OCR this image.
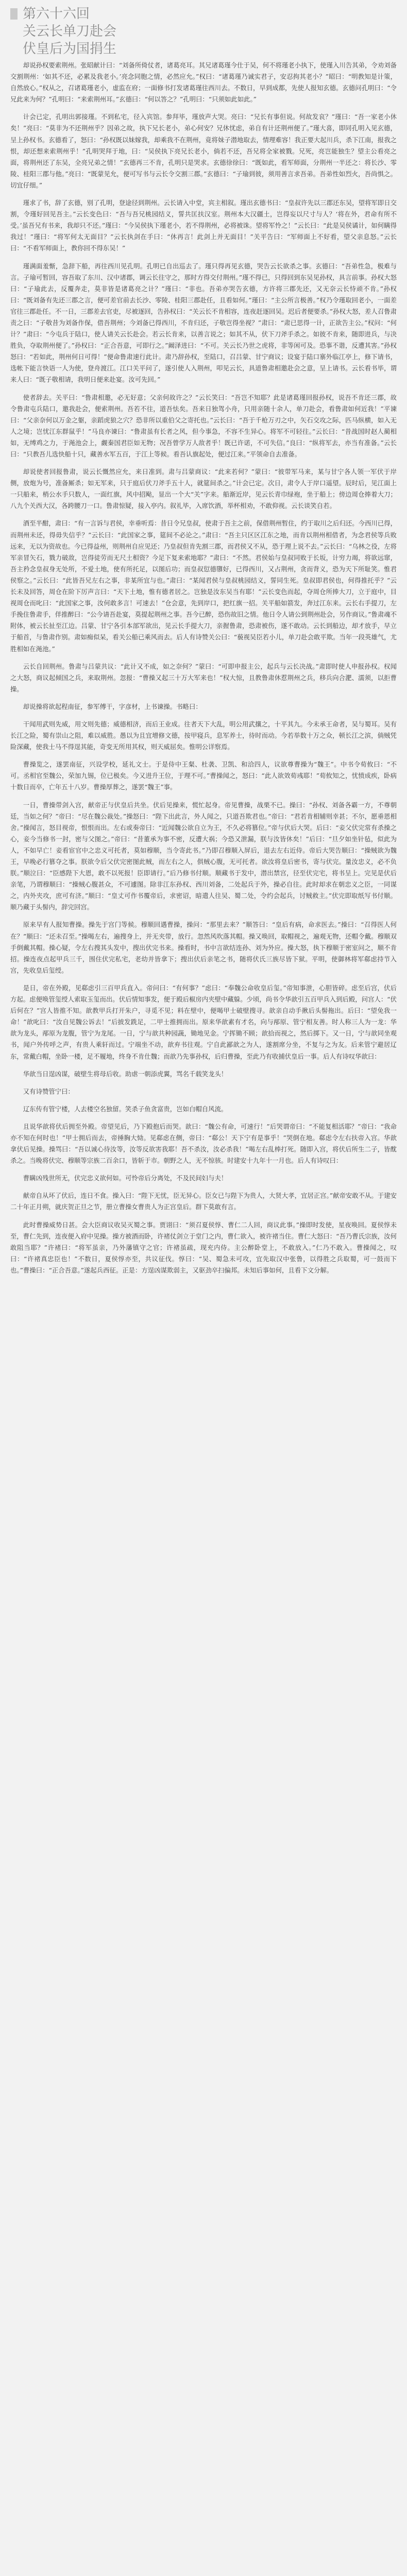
第六十六回
关云长单刀赴会
伏皇后为国捐生

却说孙权要索荆州。张昭献计曰：“刘备所倚仗者，诸葛亮耳。其兄诸葛瑾今仕于吴，何不将瑾老小执下，使瑾入川告其弟，令劝刘备交割荆州：‘如其不还，必累及我老小。’亮念同胞之情，必然应允。”权曰：“诸葛瑾乃诚实君子，安忍拘其老小？”昭曰：“明教知是计策，自然放心。”权从之，召诸葛瑾老小，虚监在府；一面修书打发诸葛瑾往西川去。不数日，早到成都，先使人报知玄德。玄德问孔明曰：“令兄此来为何？”孔明曰：“来索荆州耳。”玄德曰：“何以答之？”孔明曰：“只须如此如此。”

计会已定，孔明出郭接瑾。不到私宅，径入宾馆。参拜毕，瑾放声大哭。亮曰：“兄长有事但说。何故发哀？”瑾曰：“吾一家老小休矣！”亮曰：“莫非为不还荆州乎？因弟之故，执下兄长老小，弟心何安？兄休忧虑，弟自有计还荆州便了。”瑾大喜，即同孔明入见玄德，呈上孙权书。玄德看了，怒曰：“孙权既以妹嫁我，却乘我不在荆州，竟将妹子潜地取去，情理难容！我正要大起川兵，杀下江南，报我之恨，却还想来索荆州乎！”孔明哭拜于地，曰：“吴侯执下亮兄长老小，倘若不还，吾兄将全家被戮。兄死，亮岂能独生？望主公看亮之面，将荆州还了东吴，全亮兄弟之情！”玄德再三不肯，孔明只是哭求。玄德徐徐曰：“既如此，看军师面，分荆州一半还之：将长沙、零陵、桂阳三郡与他。”亮曰：“既蒙见允，便可写书与云长令交割三郡。”玄德曰：“子瑜到彼，须用善言求吾弟。吾弟性如烈火，吾尚惧之。切宜仔细。”

瑾求了书，辞了玄德，别了孔明，登途径到荆州。云长请入中堂，宾主相叙。瑾出玄德书曰：“皇叔许先以三郡还东吴，望将军即日交割，令瑾好回见吾主。”云长变色曰：“吾与吾兄桃园结义，誓共匡扶汉室。荆州本大汉疆土，岂得妄以尺寸与人？‘将在外，君命有所不受。’虽吾兄有书来，我却只不还。”瑾曰：“今吴侯执下瑾老小，若不得荆州，必将被诛。望将军怜之！”云长曰：“此是吴侯谲计，如何瞒得我过！”瑾曰：“将军何太无面目？”云长执剑在手曰：“休再言！此剑上并无面目！”关平告曰：“军师面上不好看，望父亲息怒。”云长曰：“不看军师面上，教你回不得东吴！”

瑾满面羞惭，急辞下船，再往西川见孔明。孔明已自出巡去了。瑾只得再见玄德，哭告云长欲杀之事。玄德曰：“吾弟性急，极难与言。子瑜可暂回，容吾取了东川、汉中诸郡，调云长往守之，那时方得交付荆州。”瑾不得已，只得回到东吴见孙权，具言前事。孙权大怒曰：“子瑜此去，反覆奔走，莫非皆是诸葛亮之计？”瑾曰：“非也。吾弟亦哭告玄德，方许将三郡先还，又无奈云长恃顽不肯。”孙权曰：“既刘备有先还三郡之言，便可差官前去长沙、零陵、桂阳三郡赴任，且看如何。”瑾曰：“主公所言极善。”权乃令瑾取回老小，一面差官往三郡赴任。不一日，三郡差去官吏，尽被逐回，告孙权曰：“关云长不肯相容，连夜赶逐回吴。迟后者便要杀。”孙权大怒，差人召鲁肃责之曰：“子敬昔为刘备作保，借吾荆州；今刘备已得西川，不肯归还，子敬岂得坐视？”肃曰：“肃已思得一计，正欲告主公。”权问：“何计？”肃曰：“今屯兵于陆口，使人请关云长赴会。若云长肯来，以善言说之；如其不从，伏下刀斧手杀之。如彼不肯来，随即进兵，与决胜负，夺取荆州便了。”孙权曰：“正合吾意，可即行之。”阚泽进曰：“不可。关云长乃世之虎将，非等闲可及。恐事不谐，反遭其害。”孙权怒曰：“若如此，荆州何日可得！”便命鲁肃速行此计。肃乃辞孙权，至陆口，召吕蒙、甘宁商议；设宴于陆口寨外临江亭上，修下请书，选帐下能言快语一人为使，登舟渡江。江口关平问了，遂引使人入荆州，叩见云长，具道鲁肃相邀赴会之意，呈上请书。云长看书毕，谓来人曰：“既子敬相请，我明日便来赴宴。汝可先回。”

使者辞去。关平曰：“鲁肃相邀，必无好意；父亲何故许之？”云长笑曰：“吾岂不知耶？此是诸葛瑾回报孙权，说吾不肯还三郡，故令鲁肃屯兵陆口，邀我赴会，便索荆州。吾若不往，道吾怯矣。吾来日独驾小舟，只用亲随十余人，单刀赴会，看鲁肃如何近我！”平谏曰：“父亲奈何以万金之躯，亲蹈虎狼之穴？恐非所以重伯父之寄托也。”云长曰：“吾于千枪万刃之中，矢石交攻之际，匹马纵横，如入无人之境；岂忧江东群鼠乎！”马良亦谏曰：“鲁肃虽有长者之风，但今事急，不容不生异心。将军不可轻往。”云长曰：“昔战国时赵人蔺相如，无缚鸡之力，于渑池会上，觑秦国君臣如无物；况吾曾学万人敌者乎！既已许诺，不可失信。”良曰：“纵将军去，亦当有准备。”云长曰：“只教吾儿选快船十只，藏善水军五百，于江上等候。看吾认旗起处，便过江来。”平领命自去准备。

却说使者回报鲁肃，说云长慨然应允，来日准到。肃与吕蒙商议：“此来若何？”蒙曰：“彼带军马来，某与甘宁各人领一军伏于岸侧，放炮为号，准备厮杀；如无军来，只于庭后伏刀斧手五十人，就筵间杀之。”计会已定。次日，肃令人于岸口遥望。辰时后，见江面上一只船来，梢公水手只数人，一面红旗，风中招飐，显出一个大“关”字来。船渐近岸，见云长青巾绿袍，坐于船上；傍边周仓捧着大刀；八九个关西大汉，各跨腰刀一口。鲁肃惊疑，接入亭内。叙礼毕，入席饮酒，举杯相劝，不敢仰视。云长谈笑自若。

酒至半酣，肃曰：“有一言诉与君侯，幸垂听焉：昔日令兄皇叔，使肃于吾主之前，保借荆州暂住，约于取川之后归还。今西川已得，而荆州未还，得毋失信乎？”云长曰：“此国家之事，筵间不必论之。”肃曰：“吾主只区区江东之地，而肯以荆州相借者，为念君侯等兵败远来，无以为资故也。今已得益州，则荆州自应见还；乃皇叔但肯先割三郡，而君侯又不从，恐于理上说不去。”云长曰：“乌林之役，左将军亲冒矢石，戮力破敌，岂得徒劳而无尺土相资？今足下复来索地耶？”肃曰：“不然。君侯始与皇叔同败于长坂，计穷力竭，将欲远窜，吾主矜念皇叔身无处所，不爱土地，使有所托足，以图后功；而皇叔愆德隳好，已得西川，又占荆州，贪而背义，恐为天下所耻笑。惟君侯察之。”云长曰：“此皆吾兄左右之事，非某所宜与也。”肃曰：“某闻君侯与皇叔桃园结义，誓同生死。皇叔即君侯也，何得推托乎？”云长未及回答，周仓在阶下厉声言曰：“天下土地，惟有德者居之。岂独是汝东吴当有耶！”云长变色而起，夺周仓所捧大刀，立于庭中，目视周仓而叱曰：“此国家之事，汝何敢多言！可速去！”仓会意，先到岸口，把红旗一招。关平船如箭发，奔过江东来。云长右手提刀，左手挽住鲁肃手，佯推醉曰：“公今请吾赴宴，莫提起荆州之事。吾今已醉，恐伤故旧之情。他日令人请公到荆州赴会，另作商议。”鲁肃魂不附体，被云长扯至江边。吕蒙、甘宁各引本部军欲出，见云长手提大刀，亲握鲁肃，恐肃被伤，遂不敢动。云长到船边，却才放手，早立于船首，与鲁肃作别。肃如痴似呆，看关公船已乘风而去。后人有诗赞关公曰：“藐视吴臣若小儿，单刀赴会敢平欺。当年一段英雄气，尤胜相如在渑池。”

云长自回荆州。鲁肃与吕蒙共议：“此计又不成，如之奈何？”蒙曰：“可即申报主公，起兵与云长决战。”肃即时使人申报孙权。权闻之大怒，商议起倾国之兵，来取荆州。忽报：“曹操又起三十万大军来也！”权大惊，且教鲁肃休惹荆州之兵，移兵向合淝、濡须，以拒曹操。

却说操将欲起程南征，参军傅干，字彦材，上书谏操。书略曰：

干闻用武则先威，用文则先德；威德相济，而后王业成。往者天下大乱，明公用武攘之，十平其九。今未承王命者，吴与蜀耳。吴有长江之险，蜀有崇山之阻，难以威胜。愚以为且宜增修文德，按甲寝兵，息军养士，待时而动。今若举数十万之众，顿长江之滨，倘贼凭险深藏，使我士马不得逞其能，奇变无所用其权，则天威屈矣。惟明公详察焉。

曹操览之，遂罢南征，兴设学校，延礼文士。于是侍中王粲、杜袭、卫凯、和洽四人，议欲尊曹操为“魏王”。中书令荀攸曰：“不可。丞相官至魏公，荣加九锡，位已极矣。今又进升王位，于理不可。”曹操闻之，怒曰：“此人欲效荀彧耶！”荀攸知之，忧愤成疾，卧病十数日而卒，亡年五十八岁。曹操厚葬之，遂罢“魏王”事。

一日，曹操带剑入宫，献帝正与伏皇后共坐。伏后见操来，慌忙起身。帝见曹操，战栗不已。操曰：“孙权、刘备各霸一方，不尊朝廷，当如之何？”帝曰：“尽在魏公裁处。”操怒曰：“陛下出此言，外人闻之，只道吾欺君也。”帝曰：“君若肯相辅则幸甚；不尔，愿垂恩相舍。”操闻言，怒目视帝，恨恨而出。左右或奏帝曰：“近闻魏公欲自立为王，不久必将篡位。”帝与伏后大哭。后曰：“妾父伏完常有杀操之心，妾今当修书一封，密与父图之。”帝曰：“昔董承为事不密，反遭大祸；今恐又泄漏，朕与汝皆休矣！”后曰：“旦夕如坐针毡，似此为人，不如早亡！妾看宦官中之忠义可托者，莫如穆顺，当令寄此书。”乃即召穆顺入屏后，退去左右近侍。帝后大哭告顺曰：“操贼欲为魏王，早晚必行篡夺之事。朕欲令后父伏完密图此贼，而左右之人，俱贼心腹，无可托者。欲汝将皇后密书，寄与伏完。量汝忠义，必不负朕。”顺泣曰：“臣感陛下大恩，敢不以死报！臣即请行。”后乃修书付顺。顺藏书于发中，潜出禁宫，径至伏完宅，将书呈上。完见是伏后亲笔，乃谓穆顺曰：“操贼心腹甚众，不可遽图。除非江东孙权、西川刘备，二处起兵于外，操必自往。此时却求在朝忠义之臣，一同谋之，内外夹攻，庶可有济。”顺曰：“皇丈可作书覆帝后，求密诏，暗遣人往吴、蜀二处，令约会起兵，讨贼救主。”伏完即取纸写书付顺。顺乃藏于头髻内，辞完回宫。

原来早有人报知曹操。操先于宫门等候。穆顺回遇曹操，操问：“那里去来？”顺答曰：“皇后有病，命求医去。”操曰：“召得医人何在？”顺曰：“还未召至。”操喝左右，遍搜身上，并无夹带，放行。忽然风吹落其帽。操又唤回，取帽视之，遍观无物，还帽令戴。穆顺双手倒戴其帽。操心疑，令左右搜其头发中，搜出伏完书来。操看时，书中言欲结连孙、刘为外应。操大怒，执下穆顺于密室问之，顺不肯招。操连夜点起甲兵三千，围住伏完私宅，老幼并皆拿下；搜出伏后亲笔之书，随将伏氏三族尽皆下狱。平明，使御林将军郗虑持节入宫，先收皇后玺绶。

是日，帝在外殿，见郗虑引三百甲兵直入。帝问曰：“有何事？”虑曰：“奉魏公命收皇后玺。”帝知事泄，心胆皆碎。虑至后宫，伏后方起。虑便唤管玺绶人索取玉玺而出。伏后情知事发，便于殿后椒房内夹壁中藏躲。少顷，尚书令华歆引五百甲兵入到后殿，问宫人：“伏后何在？”宫人皆推不知。歆教甲兵打开朱户，寻觅不见；料在壁中，便喝甲士破壁搜寻。歆亲自动手揪后头髻拖出。后曰：“望免我一命！”歆叱曰：“汝自见魏公诉去！”后披发跣足，二甲士推拥而出。原来华歆素有才名，向与邴原、管宁相友善。时人称三人为一龙：华歆为龙头，邴原为龙腹，管宁为龙尾。一日，宁与歆共种园蔬，锄地见金。宁挥锄不顾；歆拾而视之，然后掷下。又一日，宁与歆同坐观书，闻户外传呼之声，有贵人乘轩而过。宁端坐不动，歆弃书往观。宁自此鄙歆之为人，遂割席分坐，不复与之为友。后来管宁避居辽东，常戴白帽，坐卧一楼，足不履地，终身不肯仕魏；而歆乃先事孙权，后归曹操，至此乃有收捕伏皇后一事。后人有诗叹华歆曰：

华歆当日逞凶谋，破壁生将母后收。助虐一朝添虎翼，骂名千载笑龙头！

又有诗赞管宁曰：

辽东传有管宁楼，人去楼空名独留。笑杀子鱼贪富贵，岂如白帽自风流。

且说华歆将伏后拥至外殿。帝望见后，乃下殿抱后而哭。歆曰：“魏公有命，可速行！”后哭谓帝曰：“不能复相活耶？”帝曰：“我命亦不知在何时也！”甲士拥后而去，帝捶胸大恸。见郗虑在侧，帝曰：“郗公！天下宁有是事乎！”哭倒在地。郗虑令左右扶帝入宫。华歆拿伏后见操。操骂曰：“吾以诚心待汝等，汝等反欲害我耶！吾不杀汝，汝必杀我！”喝左右乱棒打死。随即入宫，将伏后所生二子，皆酖杀之。当晚将伏完、穆顺等宗族二百余口，皆斩于市。朝野之人，无不惊骇。时建安十九年十一月也。后人有诗叹曰：

曹瞒凶残世所无，伏完忠义欲何如。可怜帝后分离处，不及民间妇与夫！

献帝自从坏了伏后，连日不食。操入曰：“陛下无忧，臣无异心。臣女已与陛下为贵人，大贤大孝，宜居正宫。”献帝安敢不从。于建安二十年正月朔，就庆贺正旦之节，册立曹操女曹贵人为正宫皇后。群下莫敢有言。

此时曹操威势日甚。会大臣商议收吴灭蜀之事。贾诩曰：“须召夏侯惇、曹仁二人回，商议此事。”操即时发使，星夜唤回。夏侯惇未至，曹仁先到，连夜便入府中见操。操方被酒而卧，许褚仗剑立于堂门之内，曹仁欲入，被许褚当住。曹仁大怒曰：“吾乃曹氏宗族，汝何敢阻当耶？”许褚曰：“将军虽亲，乃外藩镇守之官；许褚虽疏，现充内侍。主公醉卧堂上，不敢放入。”仁乃不敢入。曹操闻之，叹曰：“许褚真忠臣也！”不数日，夏侯惇亦至，共议征伐。惇曰：“吴、蜀急未可攻，宜先取汉中张鲁，以得胜之兵取蜀，可一鼓而下也。”曹操曰：“正合吾意。”遂起兵西征。正是：方逞凶谋欺弱主，又驱劲卒扫偏邦。未知后事如何，且看下文分解。
